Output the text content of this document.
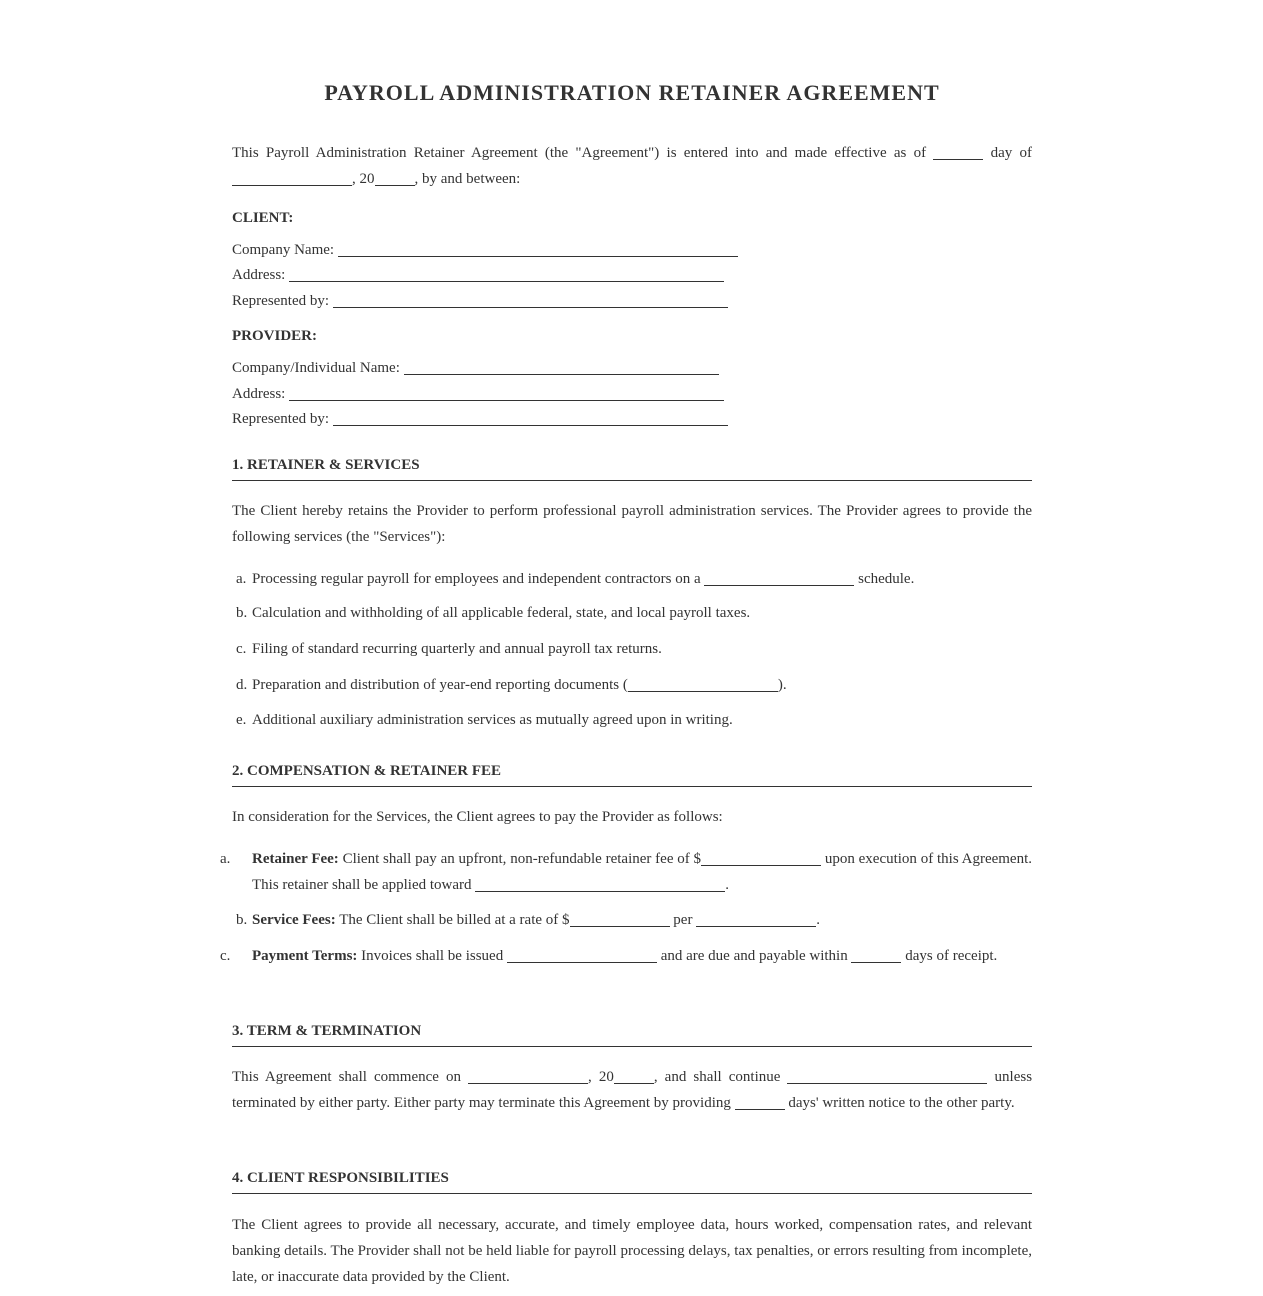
PAYROLL ADMINISTRATION RETAINER AGREEMENT
This Payroll Administration Retainer Agreement (the "Agreement") is entered into and made effective as of	day of , 20	, by and between:
CLIENT:
Company Name:
Address:
Represented by:
PROVIDER:
Company/Individual Name:
Address:
Represented by:
1. RETAINER & SERVICES
The Client hereby retains the Provider to perform professional payroll administration services. The Provider agrees to provide the following services (the "Services"):
a. Processing regular payroll for employees and independent contractors on a	schedule.
b. Calculation and withholding of all applicable federal, state, and local payroll taxes.
c. Filing of standard recurring quarterly and annual payroll tax returns.
d. Preparation and distribution of year-end reporting documents (	).
e. Additional auxiliary administration services as mutually agreed upon in writing.
2. COMPENSATION & RETAINER FEE
In consideration for the Services, the Client agrees to pay the Provider as follows:
a. Retainer Fee: Client shall pay an upfront, non-refundable retainer fee of $	upon execution of this Agreement. This retainer shall be applied toward	.
b. Service Fees: The Client shall be billed at a rate of $	per	.
c. Payment Terms: Invoices shall be issued	and are due and payable within	days of receipt.
3. TERM & TERMINATION
This Agreement shall commence on	, 20	, and shall continue	unless terminated by either party. Either party may terminate this Agreement by providing	days' written notice to the other party.
4. CLIENT RESPONSIBILITIES
The Client agrees to provide all necessary, accurate, and timely employee data, hours worked, compensation rates, and relevant banking details. The Provider shall not be held liable for payroll processing delays, tax penalties, or errors resulting from incomplete, late, or inaccurate data provided by the Client.
